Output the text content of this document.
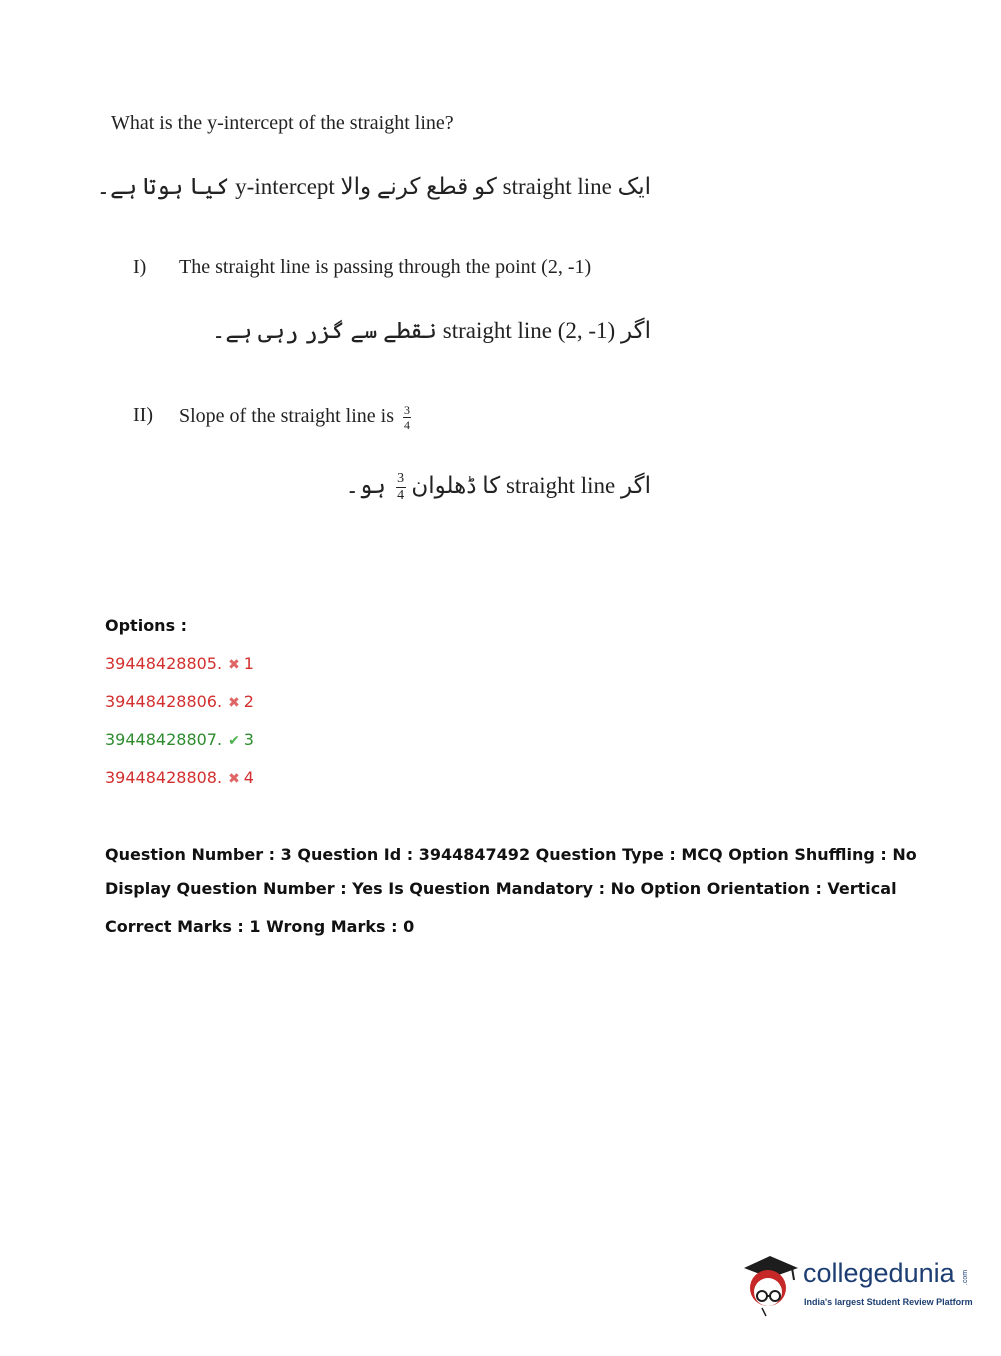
What is the y-intercept of the straight line?
ایک straight line کو قطع کرنے والا y-intercept کیا ہوتا ہے۔
I) The straight line is passing through the point (2, -1)
اگر straight line (2, -1) نقطے سے گزر رہی ہے۔
II) Slope of the straight line is $\frac{3}{4}$
اگر straight line کا ڈھلوان
$\frac{3}{4}$
ہو۔
Options :
39448428805. ✖ 1
39448428806. ✖ 2
39448428807. ✔ 3
39448428808. ✖ 4
Question Number : 3 Question Id : 3944847492 Question Type : MCQ Option Shuffling : No
Display Question Number : Yes Is Question Mandatory : No Option Orientation : Vertical
Correct Marks : 1 Wrong Marks : 0
collegedunia .com
India's largest Student Review Platform
